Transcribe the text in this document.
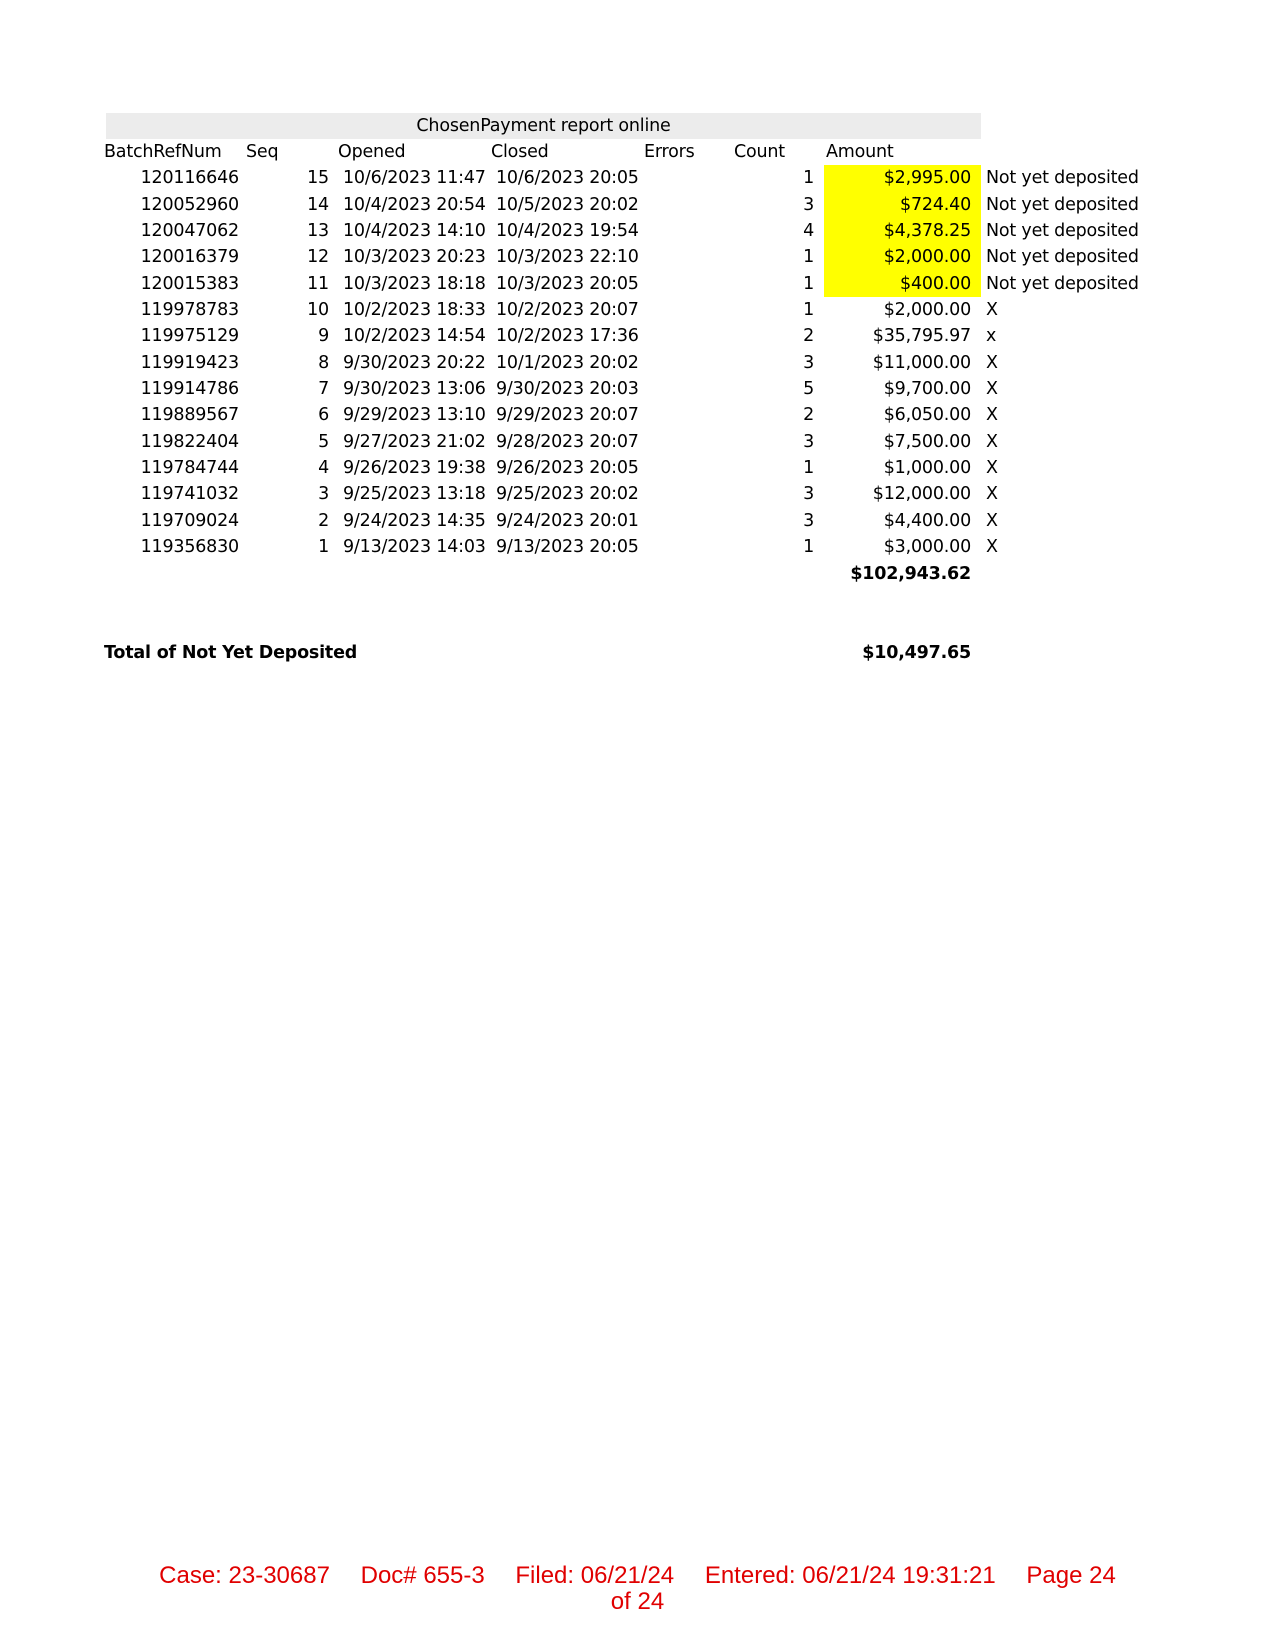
ChosenPayment report online
BatchRefNum Seq	Opened	Closed	Errors Count Amount
120116646	15 10/6/2023 11:47 10/6/2023 20:05	1	$2,995.00 Not yet deposited
120052960	14 10/4/2023 20:54 10/5/2023 20:02	3	$724.40 Not yet deposited
120047062	13 10/4/2023 14:10 10/4/2023 19:54	4	$4,378.25 Not yet deposited
120016379	12 10/3/2023 20:23 10/3/2023 22:10	1	$2,000.00 Not yet deposited
120015383	11 10/3/2023 18:18 10/3/2023 20:05	1	$400.00 Not yet deposited
119978783	10 10/2/2023 18:33 10/2/2023 20:07	1	$2,000.00 X
119975129	9 10/2/2023 14:54 10/2/2023 17:36	2	$35,795.97 x
119919423	8 9/30/2023 20:22 10/1/2023 20:02	3	$11,000.00 X
119914786	7 9/30/2023 13:06 9/30/2023 20:03	5	$9,700.00 X
119889567	6 9/29/2023 13:10 9/29/2023 20:07	2	$6,050.00 X
119822404	5 9/27/2023 21:02 9/28/2023 20:07	3	$7,500.00 X
119784744	4 9/26/2023 19:38 9/26/2023 20:05	1	$1,000.00 X
119741032	3 9/25/2023 13:18 9/25/2023 20:02	3	$12,000.00 X
119709024	2 9/24/2023 14:35 9/24/2023 20:01	3	$4,400.00 X
119356830	1 9/13/2023 14:03 9/13/2023 20:05	1	$3,000.00 X
$102,943.62
Total of Not Yet Deposited	$10,497.65
Case: 23-30687 Doc# 655-3 Filed: 06/21/24 Entered: 06/21/24 19:31:21 Page 24
of 24
